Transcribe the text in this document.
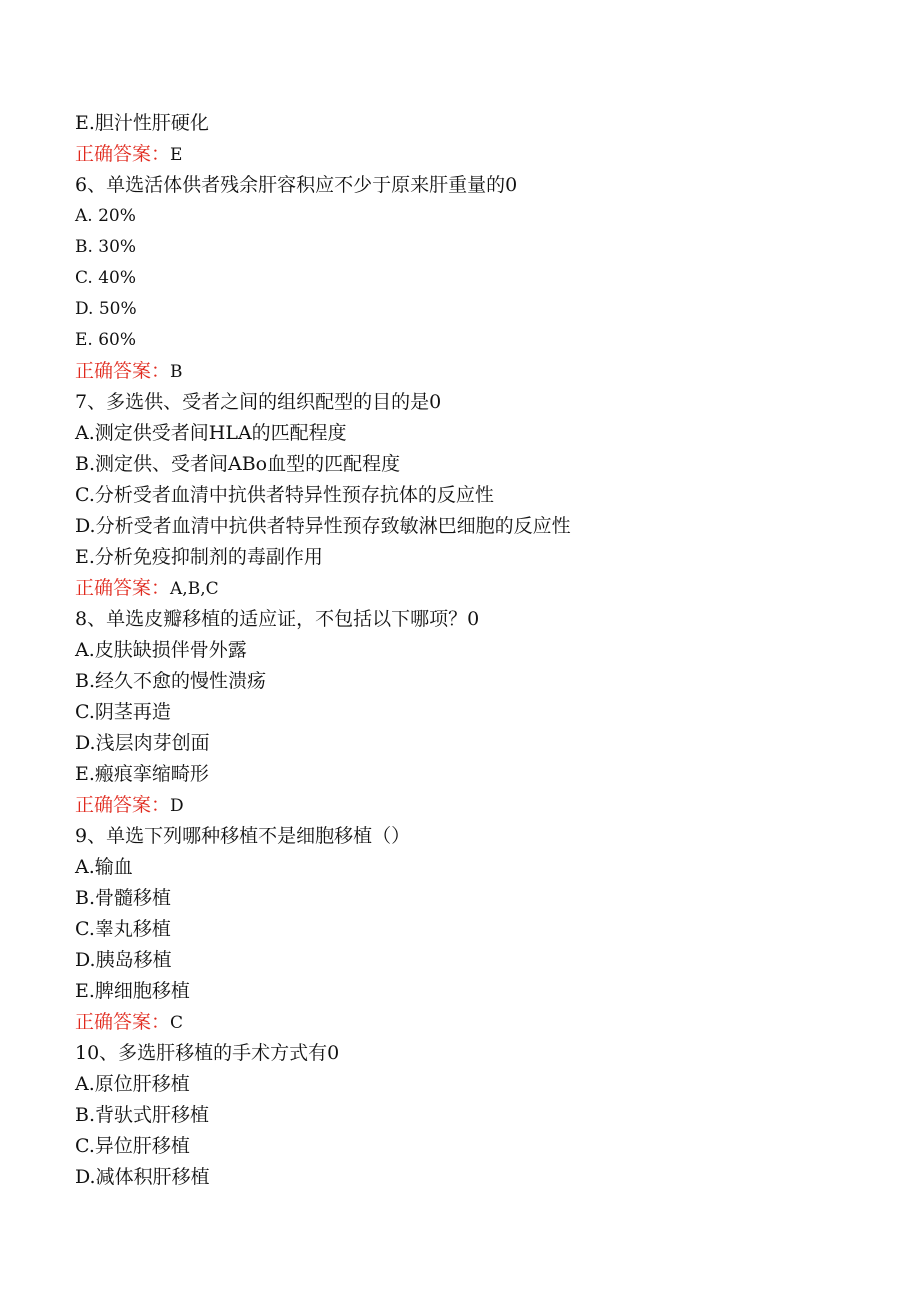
E.胆汁性肝硬化
正确答案：E
6、单选活体供者残余肝容积应不少于原来肝重量的0
A. 20%
B. 30%
C. 40%
D. 50%
E. 60%
正确答案：B
7、多选供、受者之间的组织配型的目的是0
A.测定供受者间HLA的匹配程度
B.测定供、受者间ABo血型的匹配程度
C.分析受者血清中抗供者特异性预存抗体的反应性
D.分析受者血清中抗供者特异性预存致敏淋巴细胞的反应性
E.分析免疫抑制剂的毒副作用
正确答案：A,B,C
8、单选皮瓣移植的适应证，不包括以下哪项？0
A.皮肤缺损伴骨外露
B.经久不愈的慢性溃疡
C.阴茎再造
D.浅层肉芽创面
E.瘢痕挛缩畸形
正确答案：D
9、单选下列哪种移植不是细胞移植（）
A.输血
B.骨髓移植
C.睾丸移植
D.胰岛移植
E.脾细胞移植
正确答案：C
10、多选肝移植的手术方式有0
A.原位肝移植
B.背驮式肝移植
C.异位肝移植
D.减体积肝移植
